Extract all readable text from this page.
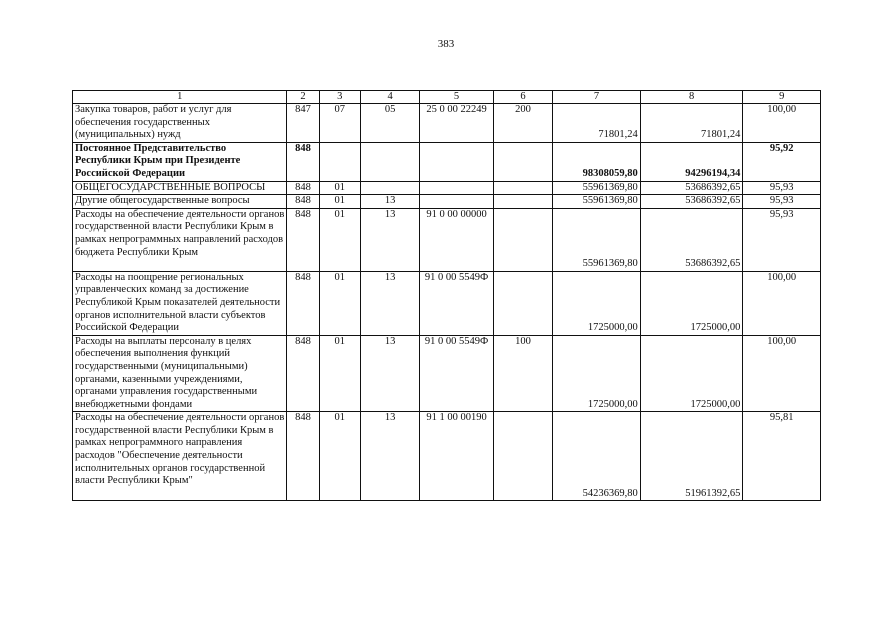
383
1	2	3	4	5	6	7	8	9
Закупка товаров, работ и услуг для обеспечения государственных (муниципальных) нужд	847	07	05	25 0 00 22249	200	71801,24	71801,24	100,00
Постоянное Представительство Республики Крым при Президенте Российской Федерации	848					98308059,80	94296194,34	95,92
ОБЩЕГОСУДАРСТВЕННЫЕ ВОПРОСЫ	848	01				55961369,80	53686392,65	95,93
Другие общегосударственные вопросы	848	01	13			55961369,80	53686392,65	95,93
Расходы на обеспечение деятельности органов государственной власти Республики Крым в рамках непрограммных направлений расходов бюджета Республики Крым	848	01	13	91 0 00 00000		55961369,80	53686392,65	95,93
Расходы на поощрение региональных управленческих команд за достижение Республикой Крым показателей деятельности органов исполнительной власти субъектов Российской Федерации	848	01	13	91 0 00 5549Ф		1725000,00	1725000,00	100,00
Расходы на выплаты персоналу в целях обеспечения выполнения функций государственными (муниципальными) органами, казенными учреждениями, органами управления государственными внебюджетными фондами	848	01	13	91 0 00 5549Ф	100	1725000,00	1725000,00	100,00
Расходы на обеспечение деятельности органов государственной власти Республики Крым в рамках непрограммного направления расходов "Обеспечение деятельности исполнительных органов государственной власти Республики Крым"	848	01	13	91 1 00 00190		54236369,80	51961392,65	95,81
